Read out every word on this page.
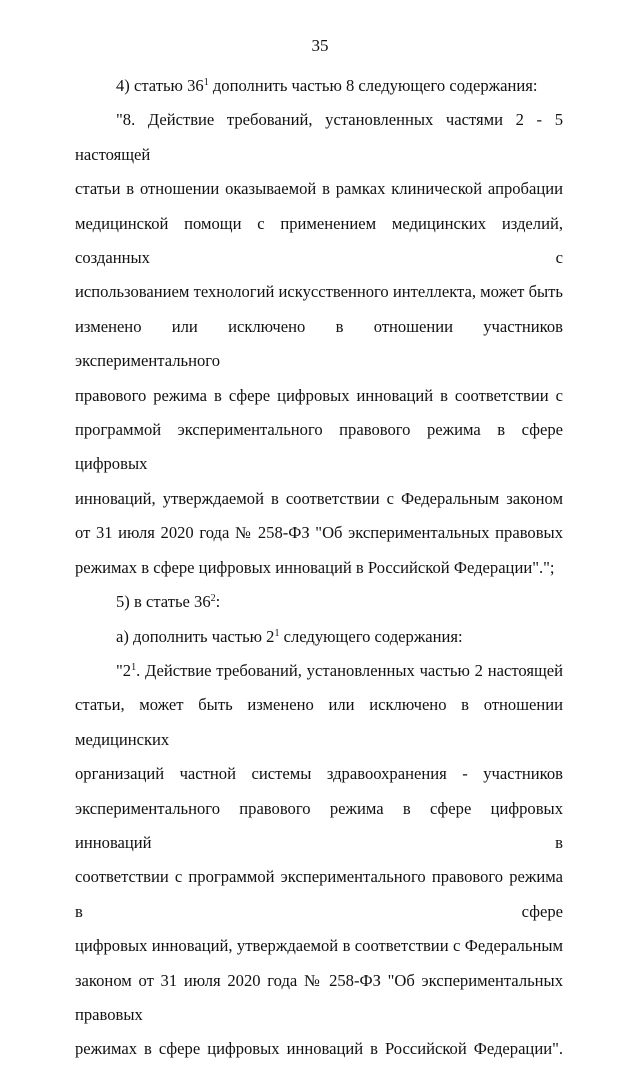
35
4) статью $36^1$ дополнить частью 8 следующего содержания:
"8. Действие требований, установленных частями 2 - 5 настоящей
статьи в отношении оказываемой в рамках клинической апробации
медицинской помощи с применением медицинских изделий, созданных с
использованием технологий искусственного интеллекта, может быть
изменено или исключено в отношении участников экспериментального
правового режима в сфере цифровых инноваций в соответствии с
программой экспериментального правового режима в сфере цифровых
инноваций, утверждаемой в соответствии с Федеральным законом
от 31 июля 2020 года № 258-ФЗ "Об экспериментальных правовых
режимах в сфере цифровых инноваций в Российской Федерации".";
5) в статье $36^2$:
а) дополнить частью $2^1$ следующего содержания:
"$2^1$. Действие требований, установленных частью 2 настоящей
статьи, может быть изменено или исключено в отношении медицинских
организаций частной системы здравоохранения - участников
экспериментального правового режима в сфере цифровых инноваций в
соответствии с программой экспериментального правового режима в сфере
цифровых инноваций, утверждаемой в соответствии с Федеральным
законом от 31 июля 2020 года № 258-ФЗ "Об экспериментальных правовых
режимах в сфере цифровых инноваций в Российской Федерации".
